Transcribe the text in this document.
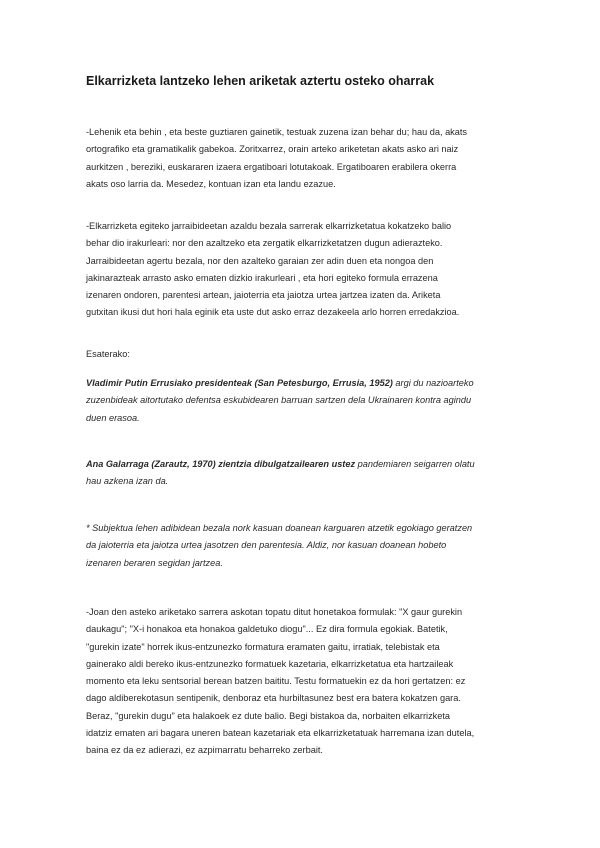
Elkarrizketa lantzeko lehen ariketak aztertu osteko oharrak
-Lehenik eta behin , eta beste guztiaren gainetik, testuak zuzena izan behar du; hau da, akats
ortografiko eta gramatikalik gabekoa. Zoritxarrez, orain arteko ariketetan akats asko ari naiz
aurkitzen , bereziki, euskararen izaera ergatiboari lotutakoak. Ergatiboaren erabilera okerra
akats oso larria da. Mesedez, kontuan izan eta landu ezazue.
-Elkarrizketa egiteko jarraibideetan azaldu bezala sarrerak elkarrizketatua kokatzeko balio
behar dio irakurleari: nor den azaltzeko eta zergatik elkarrizketatzen dugun adierazteko.
Jarraibideetan agertu bezala, nor den azalteko garaian zer adin duen eta nongoa den
jakinarazteak arrasto asko ematen dizkio irakurleari , eta hori egiteko formula errazena
izenaren ondoren, parentesi artean, jaioterria eta jaiotza urtea jartzea izaten da. Ariketa
gutxitan ikusi dut hori hala eginik eta uste dut asko erraz dezakeela arlo horren erredakzioa.
Esaterako:
Vladimir Putin Errusiako presidenteak (San Petesburgo, Errusia, 1952) argi du nazioarteko
zuzenbideak aitortutako defentsa eskubidearen barruan sartzen dela Ukrainaren kontra agindu
duen erasoa.
Ana Galarraga (Zarautz, 1970) zientzia dibulgatzailearen ustez pandemiaren seigarren olatu
hau azkena izan da.
* Subjektua lehen adibidean bezala nork kasuan doanean karguaren atzetik egokiago geratzen
da jaioterria eta jaiotza urtea jasotzen den parentesia. Aldiz, nor kasuan doanean hobeto
izenaren beraren segidan jartzea.
-Joan den asteko ariketako sarrera askotan topatu ditut honetakoa formulak: "X gaur gurekin
daukagu"; "X-i honakoa eta honakoa galdetuko diogu"... Ez dira formula egokiak. Batetik,
"gurekin izate" horrek ikus-entzunezko formatura eramaten gaitu, irratiak, telebistak eta
gainerako aldi bereko ikus-entzunezko formatuek kazetaria, elkarrizketatua eta hartzaileak
momento eta leku sentsorial berean batzen baititu. Testu formatuekin ez da hori gertatzen: ez
dago aldiberekotasun sentipenik, denboraz eta hurbiltasunez best era batera kokatzen gara.
Beraz, "gurekin dugu" eta halakoek ez dute balio. Begi bistakoa da, norbaiten elkarrizketa
idatziz ematen ari bagara uneren batean kazetariak eta elkarrizketatuak harremana izan dutela,
baina ez da ez adierazi, ez azpimarratu beharreko zerbait.
